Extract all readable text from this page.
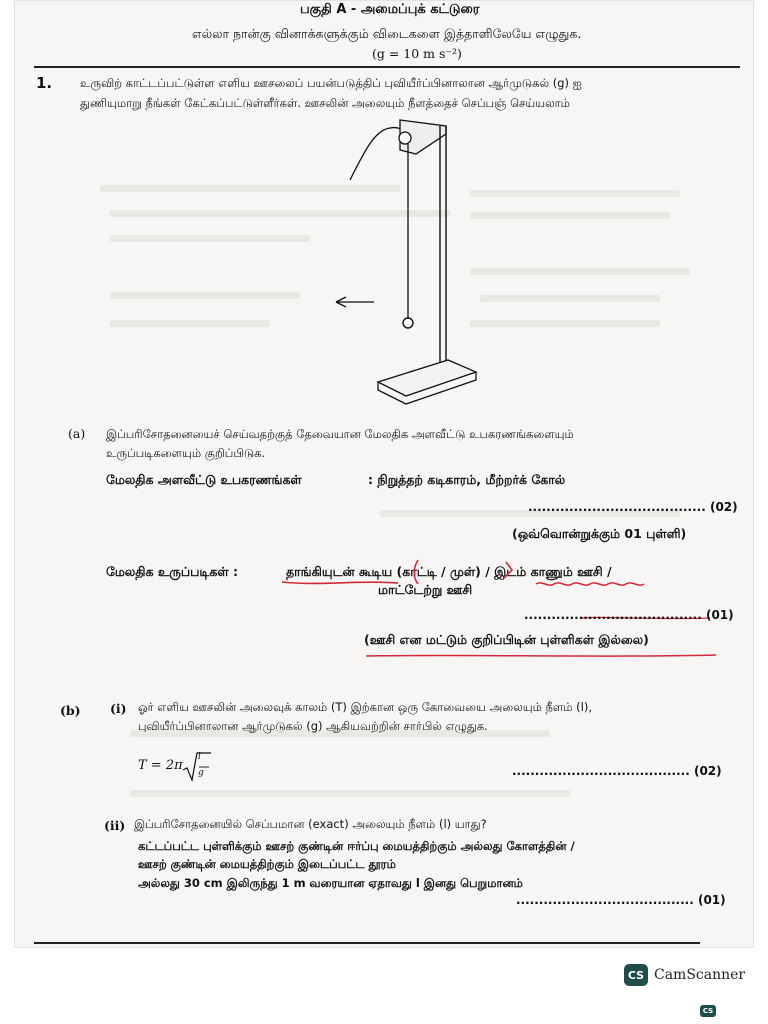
பகுதி A - அமைப்புக் கட்டுரை
எல்லா நான்கு வினாக்களுக்கும் விடைகளை இத்தாளிலேயே எழுதுக.
(g = 10 m s⁻²)
1. உருவிற் காட்டப்பட்டுள்ள எளிய ஊசலைப் பயன்படுத்திப் புவியீர்ப்பினாலான ஆர்முடுகல் (g) ஐ
துணியுமாறு நீங்கள் கேட்கப்பட்டுள்ளீர்கள். ஊசலின் அலையும் நீளத்தைச் செப்பஞ் செய்யலாம்
(a) இப்பரிசோதனையைச் செய்வதற்குத் தேவையான மேலதிக அளவீட்டு உபகரணங்களையும்
உருப்படிகளையும் குறிப்பிடுக.
மேலதிக அளவீட்டு உபகரணங்கள்	: நிறுத்தற் கடிகாரம், மீற்றர்க் கோல்
....................................... (02)
(ஒவ்வொன்றுக்கும் 01 புள்ளி)
மேலதிக உருப்படிகள் :	தாங்கியுடன் கூடிய (காட்டி / முள்) / இடம் காணும் ஊசி /
மாட்டேற்று ஊசி
....................................... (01)
(ஊசி என மட்டும் குறிப்பிடின் புள்ளிகள் இல்லை)
(b) (i) ஓர் எளிய ஊசலின் அலைவுக் காலம் (T) இற்கான ஒரு கோவையை அலையும் நீளம் (l),
புவியீர்ப்பினாலான ஆர்முடுகல் (g) ஆகியவற்றின் சார்பில் எழுதுக.
T = 2π
l
g	....................................... (02)
(ii) இப்பரிசோதனையில் செப்பமான (exact) அலையும் நீளம் (l) யாது?
கட்டப்பட்ட புள்ளிக்கும் ஊசற் குண்டின் ஈர்ப்பு மையத்திற்கும் அல்லது கோளத்தின் /
ஊசற் குண்டின் மையத்திற்கும் இடைப்பட்ட தூரம்
அல்லது 30 cm இலிருந்து 1 m வரையான ஏதாவது l இனது பெறுமானம்
....................................... (01)
CS CamScanner
CS
